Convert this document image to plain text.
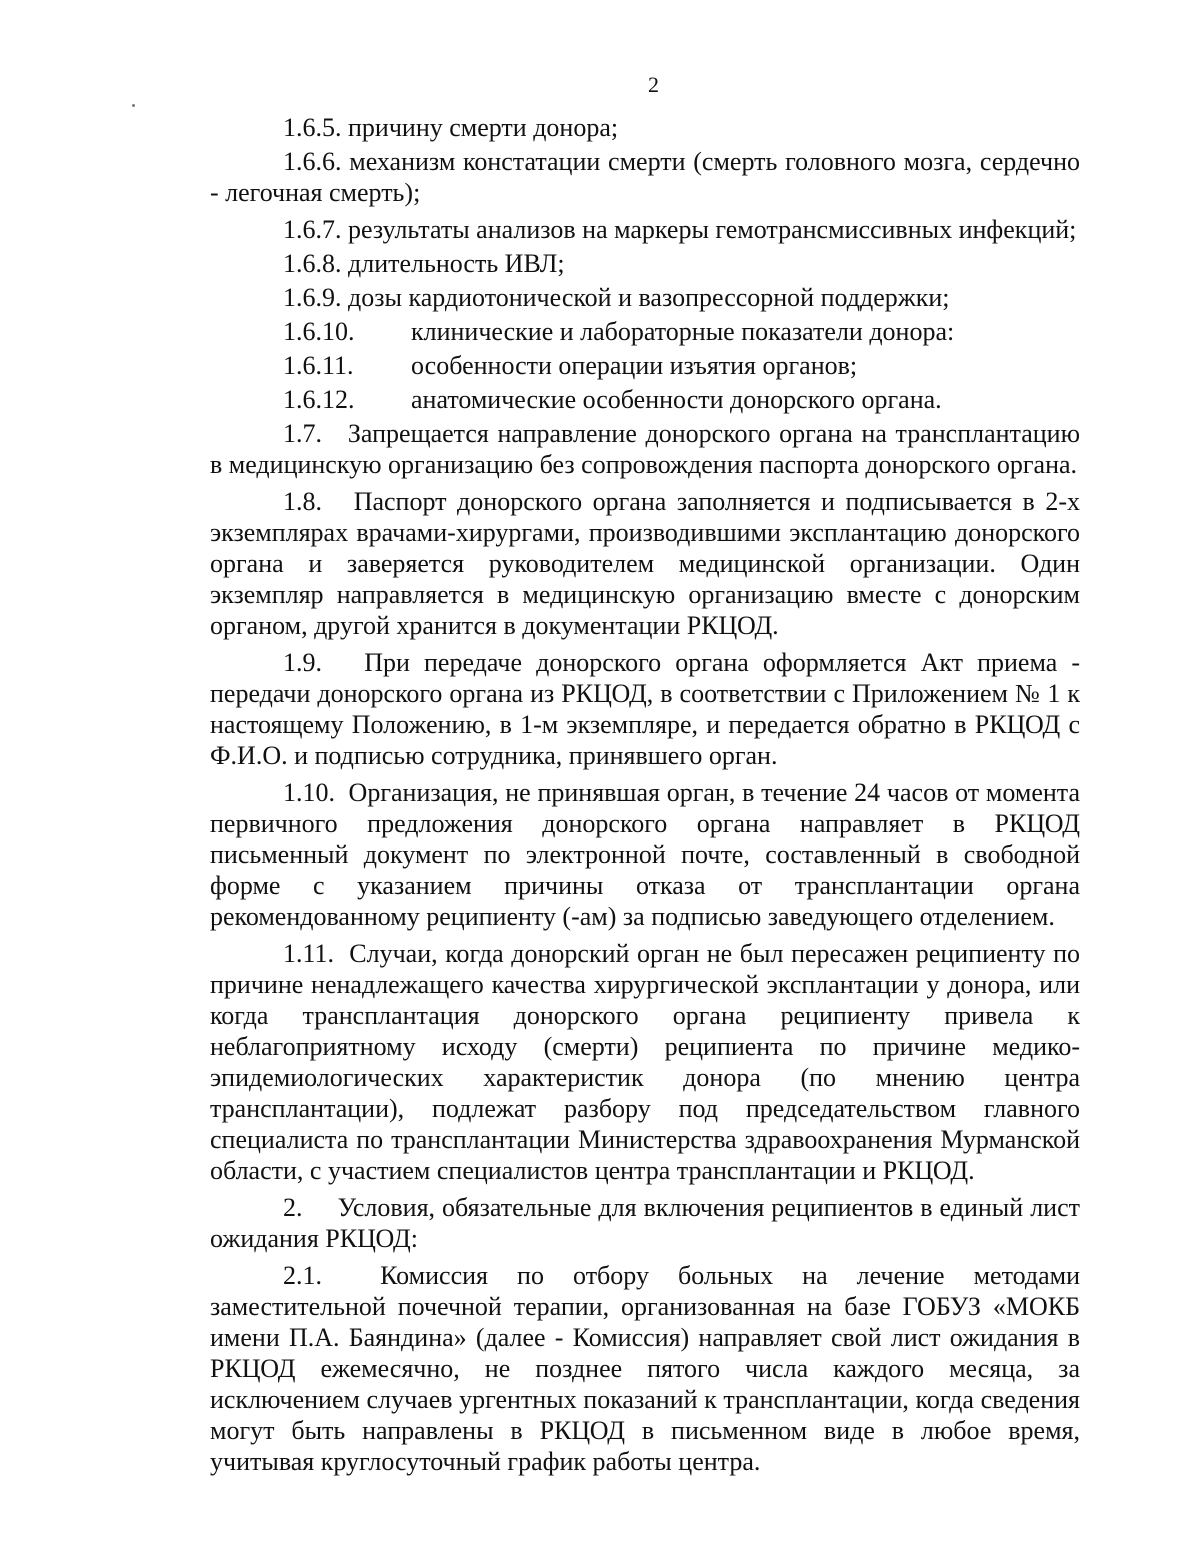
2
1.6.5. причину смерти донора;
1.6.6. механизм констатации смерти (смерть головного мозга, сердечно - легочная смерть);
1.6.7. результаты анализов на маркеры гемотрансмиссивных инфекций;
1.6.8. длительность ИВЛ;
1.6.9. дозы кардиотонической и вазопрессорной поддержки;
1.6.10. клинические и лабораторные показатели донора:
1.6.11. особенности операции изъятия органов;
1.6.12. анатомические особенности донорского органа.

1.7. Запрещается направление донорского органа на трансплантацию в медицинскую организацию без сопровождения паспорта донорского органа.

1.8. Паспорт донорского органа заполняется и подписывается в 2-х экземплярах врачами-хирургами, производившими эксплантацию донорского органа и заверяется руководителем медицинской организации. Один экземпляр направляется в медицинскую организацию вместе с донорским органом, другой хранится в документации РКЦОД.

1.9. При передаче донорского органа оформляется Акт приема - передачи донорского органа из РКЦОД, в соответствии с Приложением № 1 к настоящему Положению, в 1-м экземпляре, и передается обратно в РКЦОД с Ф.И.О. и подписью сотрудника, принявшего орган.

1.10. Организация, не принявшая орган, в течение 24 часов от момента первичного предложения донорского органа направляет в РКЦОД письменный документ по электронной почте, составленный в свободной форме с указанием причины отказа от трансплантации органа рекомендованному реципиенту (-ам) за подписью заведующего отделением.

1.11. Случаи, когда донорский орган не был пересажен реципиенту по причине ненадлежащего качества хирургической эксплантации у донора, или когда трансплантация донорского органа реципиенту привела к неблагоприятному исходу (смерти) реципиента по причине медико-эпидемиологических характеристик донора (по мнению центра трансплантации), подлежат разбору под председательством главного специалиста по трансплантации Министерства здравоохранения Мурманской области, с участием специалистов центра трансплантации и РКЦОД.

2. Условия, обязательные для включения реципиентов в единый лист ожидания РКЦОД:

2.1. Комиссия по отбору больных на лечение методами заместительной почечной терапии, организованная на базе ГОБУЗ «МОКБ имени П.А. Баяндина» (далее - Комиссия) направляет свой лист ожидания в РКЦОД ежемесячно, не позднее пятого числа каждого месяца, за исключением случаев ургентных показаний к трансплантации, когда сведения могут быть направлены в РКЦОД в письменном виде в любое время, учитывая круглосуточный график работы центра.
